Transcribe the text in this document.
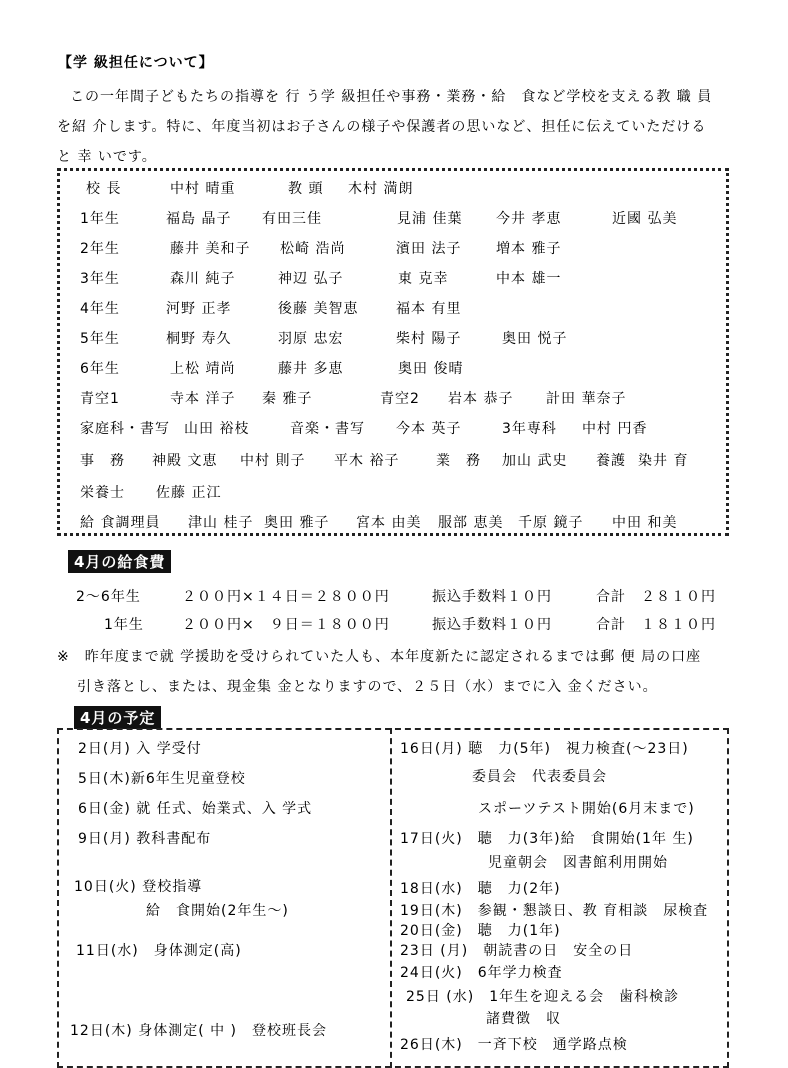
【学 級担任について】
この一年間子どもたちの指導を 行 う学 級担任や事務・業務・給　食など学校を支える教 職 員
を紹 介します。特に、年度当初はお子さんの様子や保護者の思いなど、担任に伝えていただける
と 幸 いです。
校 長	中村 晴重	教 頭 木村 満朗
1年生	福島 晶子 有田三佳	見浦 佳葉 今井 孝恵	近國 弘美
2年生	藤井 美和子 松崎 浩尚	濱田 法子 増本 雅子
3年生	森川 純子	神辺 弘子	東 克幸	中本 雄一
4年生	河野 正孝	後藤 美智恵	福本 有里
5年生	桐野 寿久	羽原 忠宏	柴村 陽子	奥田 悦子
6年生	上松 靖尚	藤井 多恵	奥田 俊晴
青空1	寺本 洋子 秦 雅子	青空2 岩本 恭子 計田 華奈子
家庭科・書写 山田 裕枝	音楽・書写 今本 英子	3年専科 中村 円香
事　務 神殿 文恵 中村 則子 平木 裕子	業　務 加山 武史 養護 染井 育
栄養士 佐藤 正江
給 食調理員 津山 桂子 奥田 雅子 宮本 由美 服部 恵美 千原 鏡子 中田 和美
4月の給食費
2～6年生	２００円×１４日＝２８００円	振込手数料１０円	合計　２８１０円
1年生	２００円×　９日＝１８００円	振込手数料１０円	合計　１８１０円
※　昨年度まで就 学援助を受けられていた人も、本年度新たに認定されるまでは郵 便 局の口座
引き落とし、または、現金集 金となりますので、２５日（水）までに入 金ください。
4月の予定
2日(月) 入 学受付
5日(木)新6年生児童登校
6日(金) 就 任式、始業式、入 学式
9日(月) 教科書配布
10日(火) 登校指導
給　食開始(2年生～)
11日(水)　身体測定(高)
12日(木) 身体測定( 中 )　登校班長会
16日(月) 聴　力(5年)　視力検査(～23日)
委員会　代表委員会
スポーツテスト開始(6月末まで)
17日(火)　聴　力(3年)給　食開始(1年 生)
児童朝会　図書館利用開始
18日(水)　聴　力(2年)
19日(木)　参観・懇談日、教 育相談　尿検査
20日(金)　聴　力(1年)
23日 (月)　朝読書の日　安全の日
24日(火)　6年学力検査
25日 (水)　1年生を迎える会　歯科検診
諸費徴　収
26日(木)　一斉下校　通学路点検
